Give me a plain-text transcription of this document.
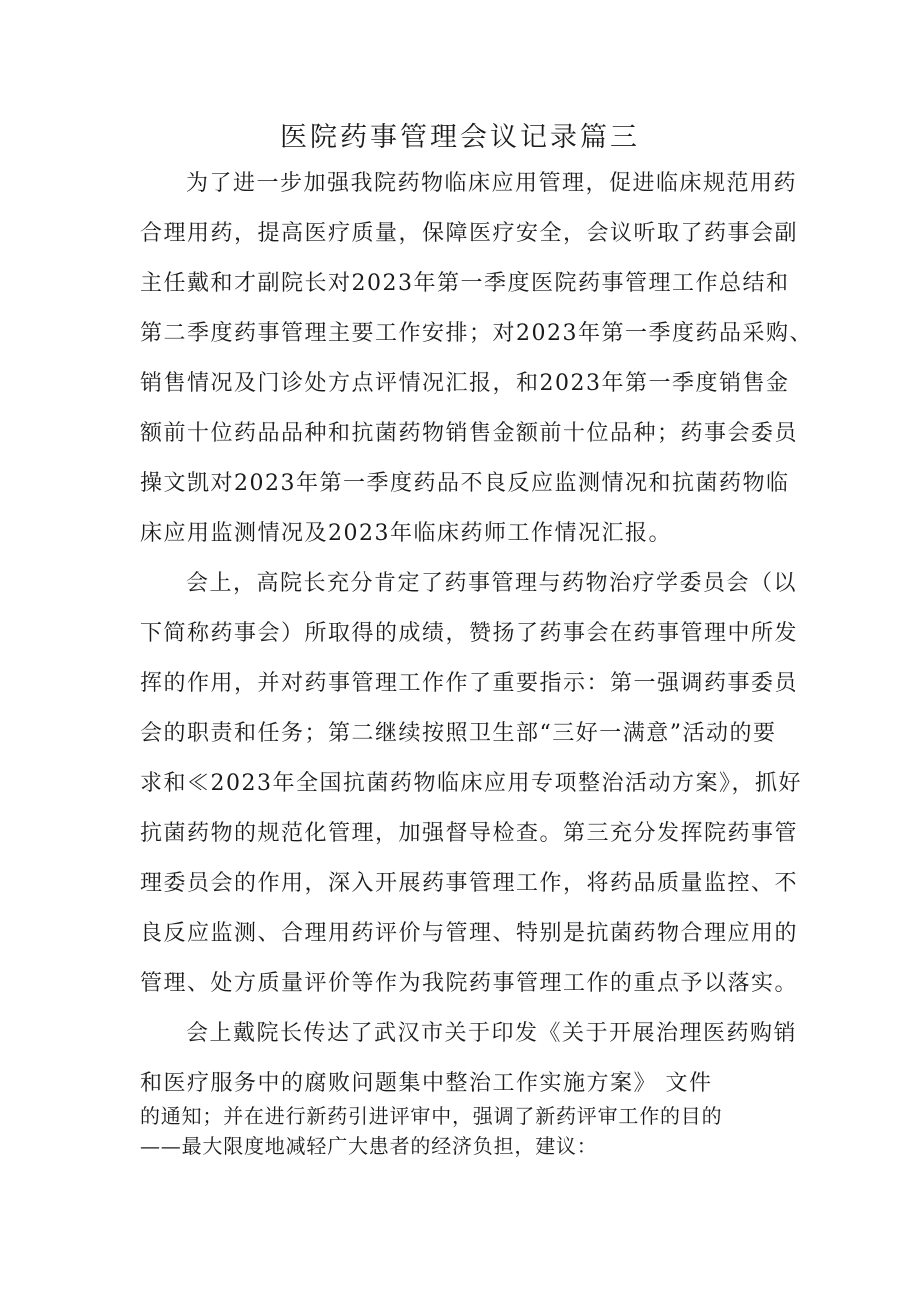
医院药事管理会议记录篇三
为了进一步加强我院药物临床应用管理，促进临床规范用药
合理用药，提高医疗质量，保障医疗安全，会议听取了药事会副
主任戴和才副院长对2023年第一季度医院药事管理工作总结和
第二季度药事管理主要工作安排；对2023年第一季度药品采购、
销售情况及门诊处方点评情况汇报，和2023年第一季度销售金
额前十位药品品种和抗菌药物销售金额前十位品种；药事会委员
操文凯对2023年第一季度药品不良反应监测情况和抗菌药物临
床应用监测情况及2023年临床药师工作情况汇报。
会上，高院长充分肯定了药事管理与药物治疗学委员会（以
下简称药事会）所取得的成绩，赞扬了药事会在药事管理中所发
挥的作用，并对药事管理工作作了重要指示：第一强调药事委员
会的职责和任务；第二继续按照卫生部“三好一满意”活动的要
求和≪2023年全国抗菌药物临床应用专项整治活动方案》，抓好
抗菌药物的规范化管理，加强督导检查。第三充分发挥院药事管
理委员会的作用，深入开展药事管理工作，将药品质量监控、不
良反应监测、合理用药评价与管理、特别是抗菌药物合理应用的
管理、处方质量评价等作为我院药事管理工作的重点予以落实。
会上戴院长传达了武汉市关于印发《关于开展治理医药购销
和医疗服务中的腐败问题集中整治工作实施方案》 文件
的通知；并在进行新药引进评审中，强调了新药评审工作的目的
——最大限度地减轻广大患者的经济负担，建议：
